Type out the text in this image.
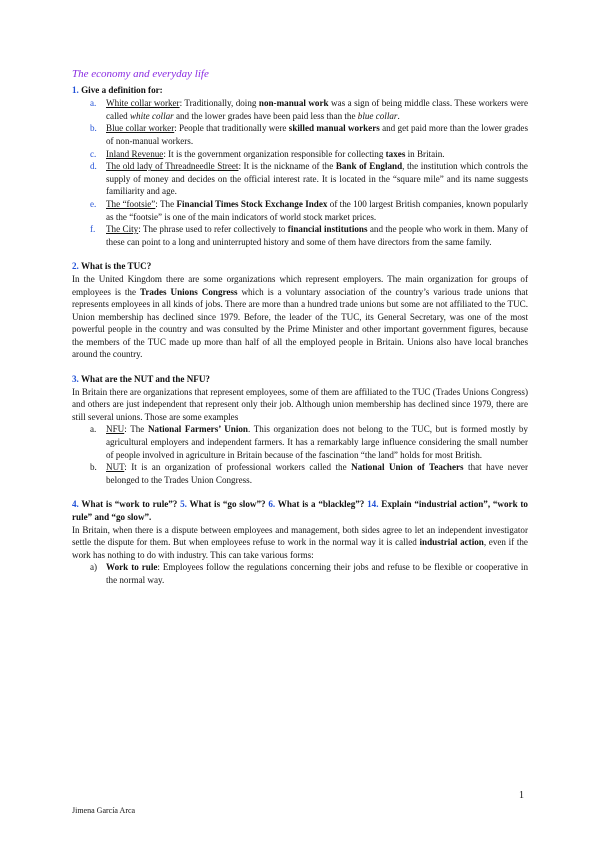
The economy and everyday life

1. Give a definition for:

a. White collar worker: Traditionally, doing non-manual work was a sign of being middle class. These workers were called white collar and the lower grades have been paid less than the blue collar.
b. Blue collar worker: People that traditionally were skilled manual workers and get paid more than the lower grades of non-manual workers.
c. Inland Revenue: It is the government organization responsible for collecting taxes in Britain.
d. The old lady of Threadneedle Street: It is the nickname of the Bank of England, the institution which controls the supply of money and decides on the official interest rate. It is located in the “square mile” and its name suggests familiarity and age.
e. The “footsie”: The Financial Times Stock Exchange Index of the 100 largest British companies, known popularly as the “footsie” is one of the main indicators of world stock market prices.
f. The City: The phrase used to refer collectively to financial institutions and the people who work in them. Many of these can point to a long and uninterrupted history and some of them have directors from the same family.

2. What is the TUC?

In the United Kingdom there are some organizations which represent employers. The main organization for groups of employees is the Trades Unions Congress which is a voluntary association of the country’s various trade unions that represents employees in all kinds of jobs. There are more than a hundred trade unions but some are not affiliated to the TUC. Union membership has declined since 1979. Before, the leader of the TUC, its General Secretary, was one of the most powerful people in the country and was consulted by the Prime Minister and other important government figures, because the members of the TUC made up more than half of all the employed people in Britain. Unions also have local branches around the country.

3. What are the NUT and the NFU?

In Britain there are organizations that represent employees, some of them are affiliated to the TUC (Trades Unions Congress) and others are just independent that represent only their job. Although union membership has declined since 1979, there are still several unions. Those are some examples

a. NFU: The National Farmers’ Union. This organization does not belong to the TUC, but is formed mostly by agricultural employers and independent farmers. It has a remarkably large influence considering the small number of people involved in agriculture in Britain because of the fascination “the land” holds for most British.
b. NUT: It is an organization of professional workers called the National Union of Teachers that have never belonged to the Trades Union Congress.

4. What is “work to rule”? 5. What is “go slow”? 6. What is a “blackleg”? 14. Explain “industrial action”, “work to rule” and “go slow”.

In Britain, when there is a dispute between employees and management, both sides agree to let an independent investigator settle the dispute for them. But when employees refuse to work in the normal way it is called industrial action, even if the work has nothing to do with industry. This can take various forms:

a) Work to rule: Employees follow the regulations concerning their jobs and refuse to be flexible or cooperative in the normal way.
1
Jimena García Arca
